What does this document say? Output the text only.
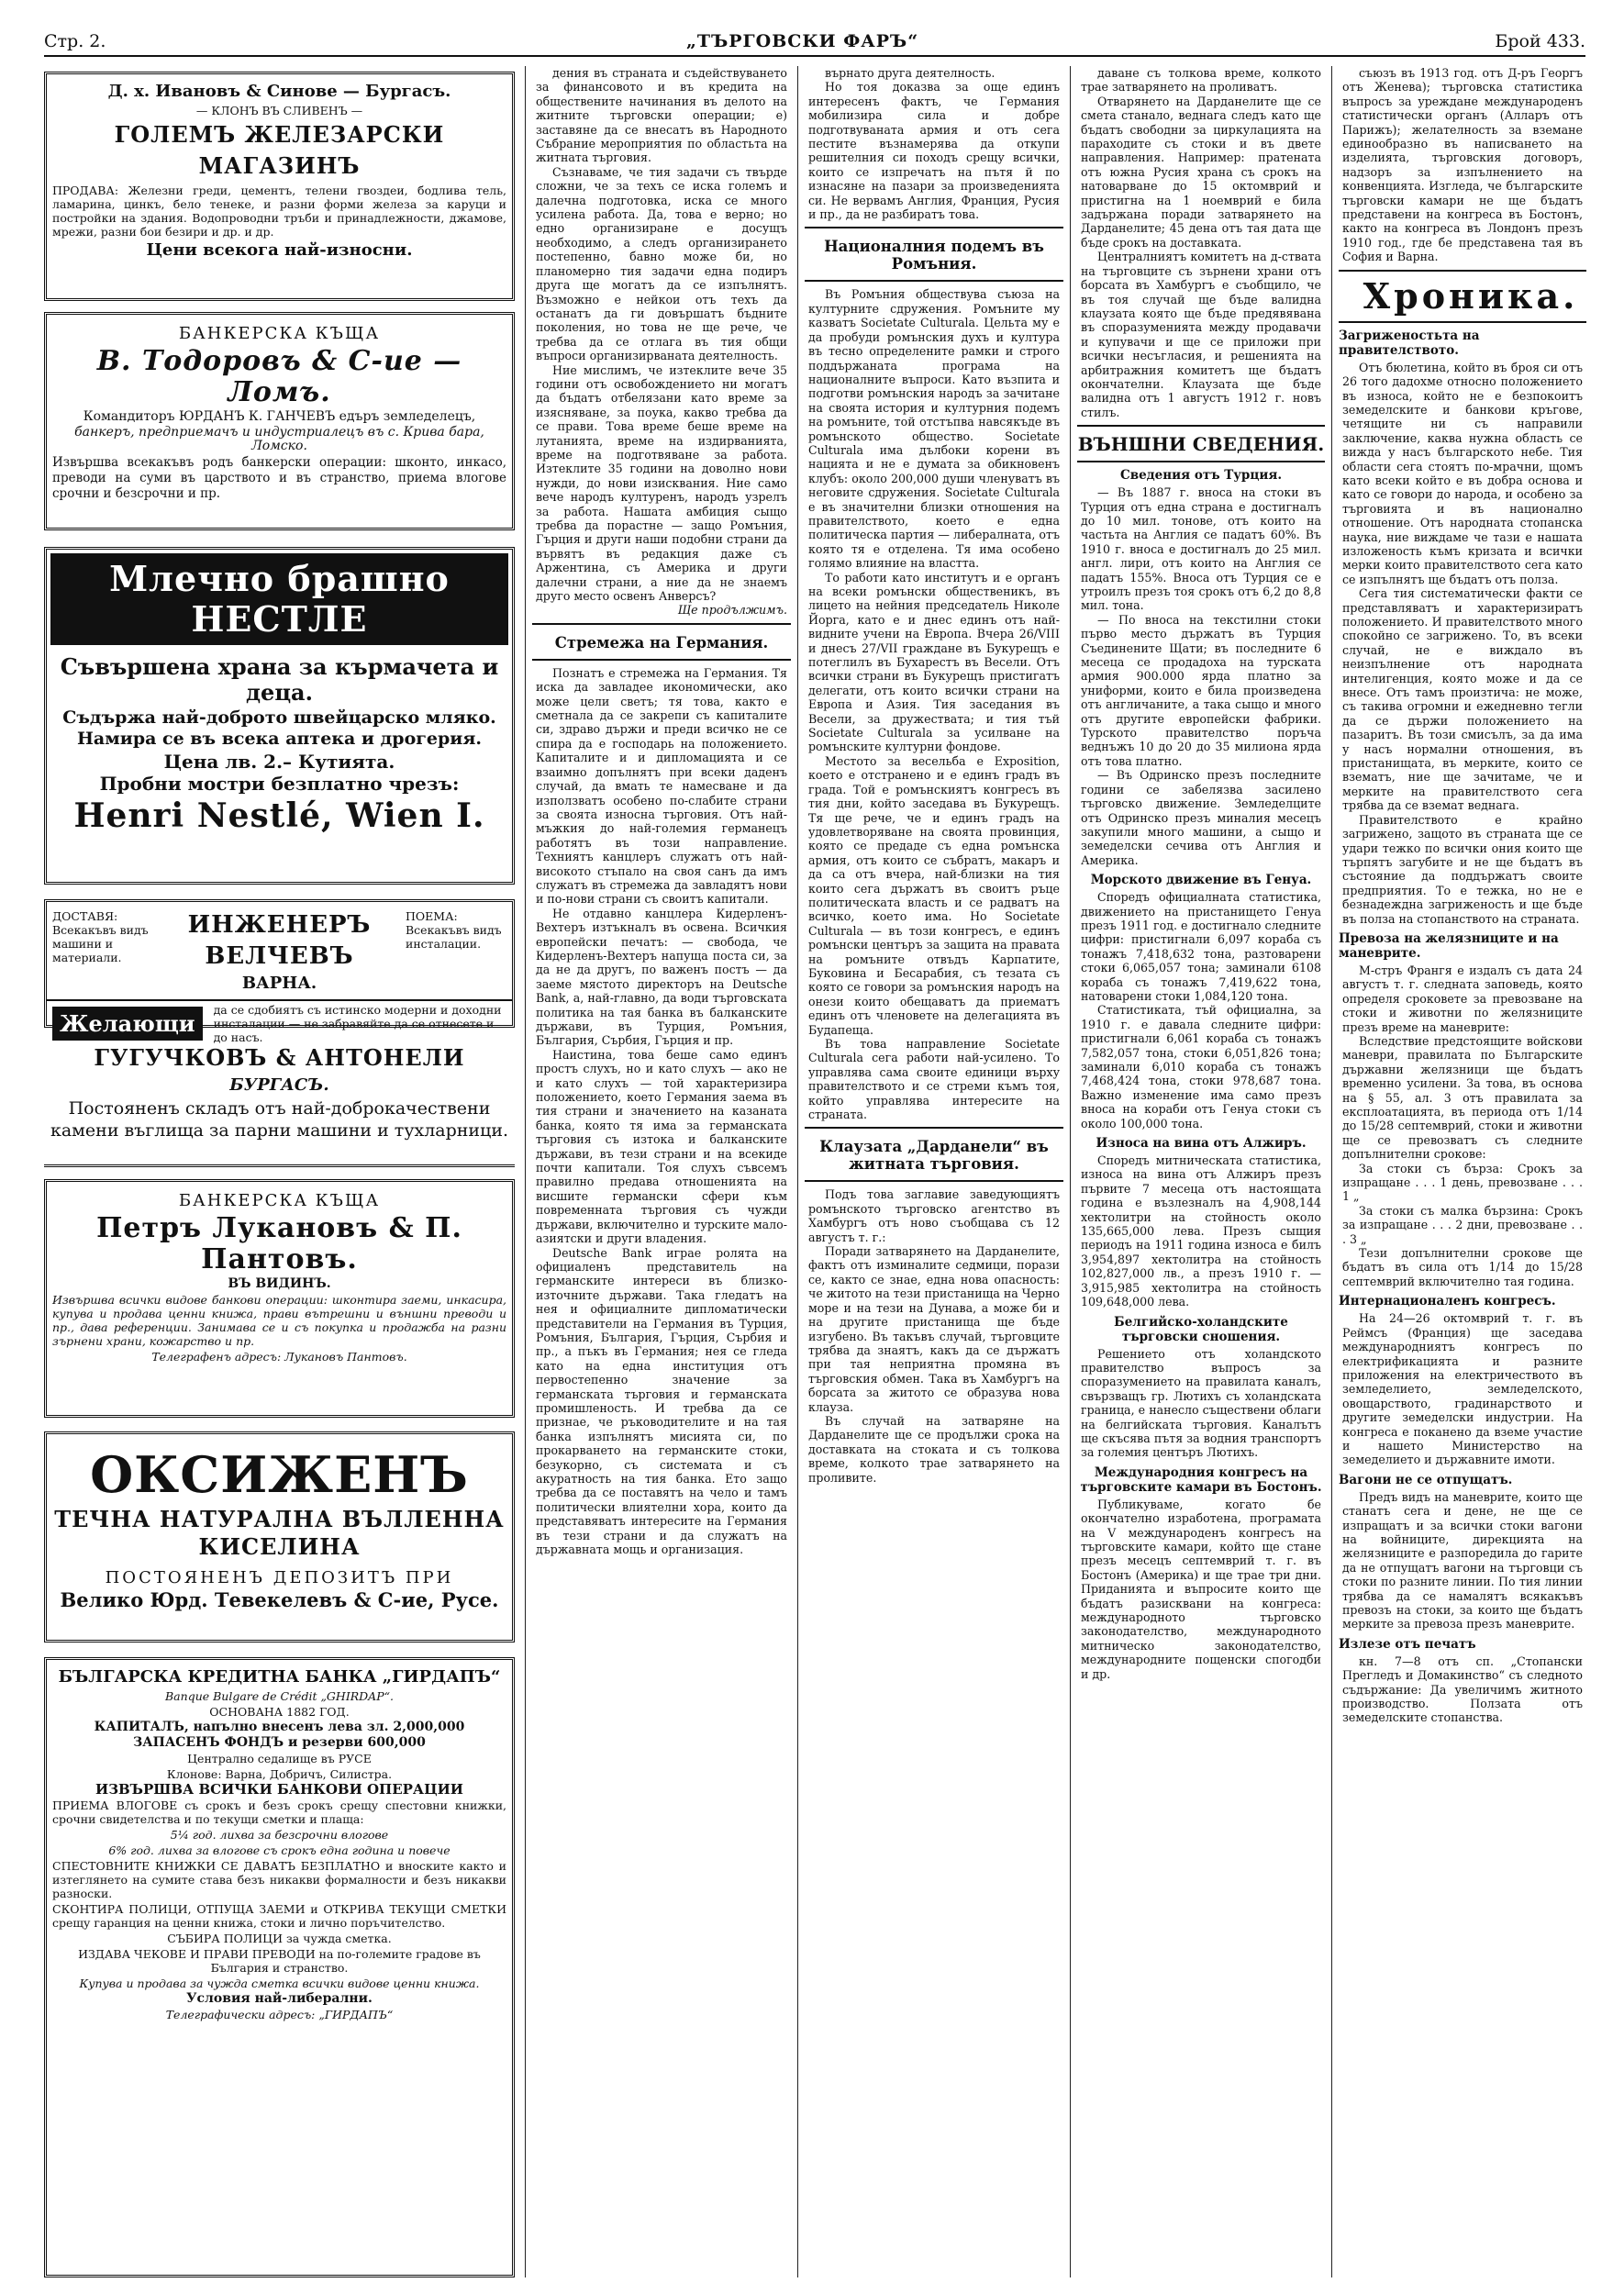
Стр. 2.	„ТЪРГОВСКИ ФАРЪ“	Брой 433.

Д. х. Ивановъ & Синове — Бургасъ.

— КЛОНЪ ВЪ СЛИВЕНЪ —

ГОЛЕМЪ ЖЕЛЕЗАРСКИ МАГАЗИНЪ

ПРОДАВА: Железни греди, цементъ, телени гвоздеи, бодлива тель, ламарина, цинкъ, бело тенеке, и разни форми железа за каруци и постройки на здания. Водопроводни тръби и принадлежности, джамове, мрежи, разни бои безири и др. и др.

Цени всекога най-износни.

БАНКЕРСКА КЪЩА

В. Тодоровъ & С-ие — Ломъ.

Командиторъ ЮРДАНЪ К. ГАНЧЕВЪ едъръ земледелецъ,

банкеръ, предприемачъ и индустриалецъ въ с. Крива бара, Ломско.

Извършва всекакъвъ родъ банкерски операции: шконто, инкасо, преводи на суми въ царството и въ странство, приема влогове срочни и безсрочни и пр.

Млечно брашно НЕСТЛЕ

Съвършена храна за кърмачета и деца.

Съдържа най-доброто швейцарско мляко. Намира се въ всека аптека и дрогерия.

Цена лв. 2.– Кутията.

Пробни мостри безплатно чрезъ:

Henri Nestlé, Wien I.

ДОСТАВЯ: Всекакъвъ видъ машини и материали.

ИНЖЕНЕРЪ ВЕЛЧЕВЪ

ВАРНА.

ПОЕМА: Всекакъвъ видъ инсталации.

Желающи

да се сдобиятъ съ истинско модерни и доходни инсталации — не забравяйте да се отнесете и до насъ.

ГУГУЧКОВЪ & АНТОНЕЛИ

БУРГАСЪ.

Постояненъ складъ отъ най-доброкачествени камени въглища за парни машини и тухларници.

БАНКЕРСКА КЪЩА

Петръ Лукановъ & П. Пантовъ.

ВЪ ВИДИНЪ.

Извършва всички видове банкови операции: шконтира заеми, инкасира, купува и продава ценни книжа, прави вътрешни и външни преводи и пр., дава референции. Занимава се и съ покупка и продажба на разни зърнени храни, кожарство и пр.

Телеграфенъ адресъ: Лукановъ Пантовъ.

ОКСИЖЕНЪ

ТЕЧНА НАТУРАЛНА ВЪЛЛЕННА КИСЕЛИНА

ПОСТОЯНЕНЪ ДЕПОЗИТЪ ПРИ

Велико Юрд. Тевекелевъ & С-ие, Русе.

БЪЛГАРСКА КРЕДИТНА БАНКА „ГИРДАПЪ“

Banque Bulgare de Crédit „GHIRDAP“.

ОСНОВАНА 1882 ГОД.

КАПИТАЛЪ, напълно внесенъ левa зл. 2,000,000

ЗАПАСЕНЪ ФОНДЪ и резерви 600,000

Централно седалище въ РУСЕ

Клонове: Варна, Добричъ, Силистра.

ИЗВЪРШВА ВСИЧКИ БАНКОВИ ОПЕРАЦИИ

ПРИЕМА ВЛОГОВЕ съ срокъ и безъ срокъ срещу спестовни книжки, срочни свидетелства и по текущи сметки и плаща:

5¼ год. лихва за безсрочни влогове

6% год. лихва за влогове съ срокъ една година и повече

СПЕСТОВНИТЕ КНИЖКИ СЕ ДАВАТЪ БЕЗПЛАТНО и вноскитe както и изтеглянето на сумитe става безъ никакви формалности и безъ никакви разноски.

СКОНТИРА ПОЛИЦИ, ОТПУЩА ЗАЕМИ и ОТКРИВА ТЕКУЩИ СМЕТКИ срещу гаранция на ценни книжа, стоки и лично поръчителство.

СЪБИРА ПОЛИЦИ за чужда сметка.

ИЗДАВА ЧЕКОВЕ И ПРАВИ ПРЕВОДИ на по-големите градове въ България и странство.

Купува и продава за чужда сметка всички видове ценни книжа.

Условия най-либерални.

Телеграфически адресъ: „ГИРДАПЪ“

дения въ страната и съдействуването за финансовото и въ кредита на обществените начинания въ делото на житните търговски операции; е) заставяне да се внесатъ въ Народното Събрание мероприятия по областьта на житната търговия.

Съзнаваме, че тия задачи съ твърде сложни, че за техъ се иска големъ и далечна подготовка, иска се много усилена работа. Да, това е верно; но едно организиране е досущъ необходимо, а следъ организирането постепенно, бавно може би, но планомерно тия задачи една подиръ друга ще могатъ да се изпълнятъ. Възможно е нейкои отъ техъ да останатъ да ги довършатъ бъдните поколения, но това не ще рече, че требва да се отлага въ тия общи въпроси организирваната деятелность.

Ние мислимъ, че изтеклите вече 35 години отъ освобождението ни могатъ да бъдатъ отбелязани като време за изясняване, за поука, какво требва да се прави. Това време беше време на лутанията, време на издирванията, време на подготвяване за работа. Изтеклите 35 години на доволно нови нужди, до нови изисквания. Ние само вече народъ културенъ, народъ узрелъ за работа. Нашата амбиция сыщо требва да порастне — защо Ромъния, Гърция и други наши подобни страни да вървятъ въ редакция даже съ Аржентина, съ Америка и други далечни страни, а ние да не знаемъ другo место освенъ Анверсъ?

Ще продължимъ.

Стремежа на Германия.

Познатъ е стремежа на Германия. Тя иска да завладее икономически, ако може цели светъ; тя това, както е сметнала да се закрепи съ капиталите си, здраво държи и преди всичко не се спира да е господарь на положението. Капиталите и и дипломацията и се взаимно допълнятъ при всеки даденъ случай, да вмать те намесване и да използватъ особено по-слабите страни за своята износна търговия. Отъ най-мъжкия до най-големия германецъ работятъ въ този направление. Техниятъ канцлеръ служатъ отъ най-високото стъпало на своя санъ да имъ служатъ въ стремежа да завладятъ нови и по-нови страни съ своитъ капитали.

Не отдавно канцлера Кидерленъ-Вехтеръ изтъкналъ въ освена. Всичкия европейски печатъ: — свобода, че Кидерленъ-Вехтеръ напуща поста си, за да не да другъ, по важенъ постъ — да заеме мястото директоръ на Deutsche Bank, а, най-главно, да води търговската политика на тая банка въ балканските държави, въ Турция, Ромъния, България, Сърбия, Гърция и пр.

Наистина, това беше само единъ простъ слухъ, но и като слухъ — ако не и като слухъ — той характеризира положението, което Германия заема въ тия страни и значението на казаната банка, която тя има за германската търговия съ изтока и балканските държави, въ тези страни и на всекиде почти капитали. Тоя слухъ съвсемъ правилно предава отношенията на висшите германски сфери към повременната търговия съ чужди държави, включително и турските мало-азиятски и други владения.

Deutsche Bank играе ролята на официаленъ представитель на германските интереси въ близко-източните държави. Така гледатъ на нея и официалните дипломатически представители на Германия въ Турция, Ромъния, България, Гърция, Сърбия и пр., а пъкъ въ Германия; нея се гледа като на една институция отъ первостепенно значение за германската търговия и германската промишленость. И требва да се признае, че ръководителите и на тая банка изпълнятъ мисията си, по прокарването на германските стоки, безукорно, съ системата и съ акуратность на тия банка. Ето защо требва да се поставятъ на чело и тамъ политически влиятелни хора, които да представяватъ интересите на Германия въ тези страни и да служатъ на държавната мощь и организация.

върнато другa деятелность.

Но тоя доказва за още единъ интересенъ фактъ, че Германия мобилизира сила и добре подготвуваната армия и отъ сега пестите възнамерява да откупи решителния си походъ срещу всички, които се изпречатъ на пътя й по изнасяне на пазари за произведенията си. Не вервамъ Англия, Франция, Русия и пр., да не разбиратъ това.

Националния подемъ въ Ромъния.

Въ Ромъния обществува съюза на културните сдружения. Ромъните му казватъ Societate Culturala. Цельта му е да пробуди ромънския духъ и култура въ тесно определените рамки и строго поддържаната програма на националните въпроси. Като възпита и подготви ромънския народъ за зачитане на своята история и културния подемъ на ромъните, той отстъпва навсякъде въ ромънското общество. Societate Culturala има дълбоки корени въ нацията и не е думата за обикновенъ клубъ: около 200,000 души членуватъ въ неговите сдружения. Societate Culturala е въ значителни близки отношения на правителството, което е една политическа партия — либералната, отъ която тя е отделена. Тя има особено голямо влияние на властта.

То работи като институтъ и е органъ на всеки ромънски общественикъ, въ лицето на нейния председатель Николе Йорга, като е и днес единъ отъ най-видните учени на Европа. Вчера 26/VIII и днесъ 27/VII граждане въ Букурещъ е потеглилъ въ Бухарестъ въ Весели. Отъ всички страни въ Букурещъ пристигатъ делегати, отъ които всички страни на Европа и Азия. Тия заседания въ Весели, за дружествата; и тия тъй Societate Culturala за усилване на ромънските културни фондове.

Местото за весельба е Exposition, което е отстранено и е единъ градъ въ града. Той е ромънскиятъ конгресъ въ тия дни, който заседава въ Букурещъ. Тя ще рече, че и единъ градъ на удовлетворяване на своята провинция, която се предаде съ една ромънска армия, отъ които се събратъ, макаръ и да са отъ вчера, най-близки на тия които сега държатъ въ своитъ ръце политическата власть и се радватъ на всичко, което има. Но Societate Culturala — въ този конгресъ, е единъ ромънски центъръ за защита на правата на ромъните отвъдъ Карпатите, Буковина и Бесарабия, съ тезата съ която се говори за ромънския народъ на онези които обещаватъ да приематъ единъ отъ членовете на делегацията въ Будапеща.

Въ това направление Societate Culturala сега работи най-усилено. То управлява сама своитe единици върху правителството и се стреми къмъ тоя, който управлява интересите на страната.

Клаузата „Дарданели“ въ житната търговия.

Подъ това заглавие заведующиятъ ромънското търговско агентство въ Хамбургъ отъ ново съобщава съ 12 августъ т. г.:

Поради затварянето на Дарданелите, фактъ отъ изминалите седмици, порази се, както се знае, една нова опасность: че житото на тези пристанища на Черно море и на тези на Дунава, а може би и на другите пристанища ще бъде изгубено. Въ такъвъ случай, търговците трябва да знаятъ, какъ да се държатъ при тая неприятна промяна въ търговския обмен. Така въ Хамбургъ на борсата за житото се образува нова клауза.

Въ случай на затваряне на Дарданелите ще се продължи срока на доставката на стоката и съ толкова време, колкото трае затварянето на проливите.

даване съ толкова време, колкото трае затварянето на проливатъ.

Отварянето на Дарданелите ще се смета станало, веднага следъ като ще бъдатъ свободни за циркулацията на параходите съ стоки и въ двете направления. Например: пратената отъ южна Русия храна съ срокъ на натоварване до 15 октомврий и пристигна на 1 ноемврий е била задържана поради затварянето на Дарданелите; 45 дена отъ тая дата ще бъде срокъ на доставката.

Централниятъ комитетъ на д-ствата на търговците съ зърнени храни отъ борсата въ Хамбургъ е съобщило, че въ тоя случай ще бъде валидна клаузата която ще бъде предявявана въ споразуменията между продавачи и купувачи и ще се приложи при всички несъгласия, и решенията на арбитражния комитетъ ще бъдатъ окончателни. Клаузата ще бъде валидна отъ 1 августъ 1912 г. новъ стилъ.

ВЪНШНИ СВЕДЕНИЯ.
Сведения отъ Турция.

— Въ 1887 г. вноса на стоки въ Турция отъ една страна е достигналъ до 10 мил. тонове, отъ които на частьта на Англия се падатъ 60%. Въ 1910 г. вноса е достигналъ до 25 мил. англ. лири, отъ които на Англия се падатъ 155%. Вноса отъ Турция се е утроилъ презъ тоя срокъ отъ 6,2 до 8,8 мил. тона.

— По вноса на текстилни стоки първо место държатъ въ Турция Съединените Щати; въ последните 6 месеца се продадоха на турската армия 900.000 ярда платно за униформи, които е била произведена отъ англичаните, а така сыщо и много отъ другите европейски фабрики. Турското правителство поръча веднъжъ 10 до 20 до 35 милиона ярда отъ това платно.

— Въ Одринско презъ последните години се забелязва засилено търговско движение. Земледелците отъ Одринско презъ миналия месецъ закупили много машини, а сыщо и земеделски сечива отъ Англия и Америка.

Морското движение въ Генуа.

Споредъ официалната статистика, движението на пристанището Генуа презъ 1911 год. е достигнало следните цифри: пристигнали 6,097 кораба съ тонажъ 7,418,632 тона, разтоварени стоки 6,065,057 тона; заминали 6108 кораба съ тонажъ 7,419,622 тона, натоварени стоки 1,084,120 тона.

Статистиката, тъй официална, за 1910 г. е давала следните цифри: пристигнали 6,061 кораба съ тонажъ 7,582,057 тона, стоки 6,051,826 тона; заминали 6,010 кораба съ тонажъ 7,468,424 тона, стоки 978,687 тона. Важно изменение има само презъ вноса на кораби отъ Генуа стоки съ около 100,000 тона.

Износа на вина отъ Алжиръ.

Споредъ митническата статистика, износа на вина отъ Алжиръ презъ първите 7 месеца отъ настоящата година е възлезналъ на 4,908,144 хектолитри на стойность около 135,665,000 лева. Презъ сыщия периодъ на 1911 година износа е билъ 3,954,897 хектолитра на стойность 102,827,000 лв., а презъ 1910 г. — 3,915,985 хектолитра на стойность 109,648,000 лева.

Белгийско-холандските търговски сношения.

Решението отъ холандското правителство въпросъ за споразумението на правилата каналъ, свързващъ гр. Лютихъ съ холандската граница, е нанесло съществени облаги на белгийската търговия. Каналътъ ще скъсява пътя за водния транспортъ за големия центъръ Лютихъ.

Международния конгресъ на търговските камари въ Бостонъ.

Публикуваме, когато бе окончателно изработена, програмата на V международенъ конгресъ на търговските камари, който ще стане презъ месецъ септемврий т. г. въ Бостонъ (Америка) и ще трае три дни. Приданията и въпросите които ще бъдатъ разисквани на конгреса: международното търговско законодателство, международното митническо законодателство, международните пощенски спогодби и др.

съюзъ въ 1913 год. отъ Д-ръ Георгъ отъ Женева); търговска статистика въпросъ за уреждане международенъ статистически органъ (Алларъ отъ Парижъ); желателность за вземане единообразно въ написването на изделията, търговския договоръ, надзоръ за изпълнението на конвенцията. Изгледа, че българските търговски камари не ще бъдатъ представени на конгреса въ Бостонъ, както на конгреса въ Лондонъ презъ 1910 год., где бе представена тая въ София и Варна.

Хроника.

Загриженостьта на правителството.

Отъ бюлетина, който въ броя си отъ 26 того дадохме относно положението въ износа, който не е безпокоитъ земеделските и банкови кръгове, четящите ни съ направили заключение, каква нужна область се вижда у насъ българското небе. Тия области сега стоятъ по-мрачни, щомъ като всеки който е въ добра основа и като се говори до народа, и особено за търговията и въ национално отношение. Отъ народната стопанска наука, ние виждаме че тази е нашата изложеность къмъ кризата и всички мерки които правителството сега като се изпълнятъ ще бъдатъ отъ полза.

Сега тия систематически факти се представляватъ и характеризиратъ положението. И правителството много спокойно се загрижено. То, въ всеки случай, не е виждало въ неизпълнение отъ народната интелигенция, която може и да се внесе. Отъ тамъ произтича: не може, съ такива огромни и ежедневно тегли да се държи положението на пазаритъ. Въ този смисълъ, за да има у насъ нормални отношения, въ пристанищата, въ мерките, които се взематъ, ние ще зачитаме, че и мерките на правителството сега трябва да се вземат веднага.

Правителството е крайно загрижено, защото въ страната ще се удари тежко по всички ония които ще търпятъ загубите и не ще бъдатъ въ състояние да поддържатъ своите предприятия. То е тежка, но не е безнадеждна загриженость и ще бъде въ полза на стопанството на страната.

Превоза на желязницитe и на маневритe.

М-стръ Франгя е издалъ съ дата 24 августъ т. г. следната заповедь, която определя сроковете за превозване на стоки и животни по желязниците презъ време на маневрите:

Вследствие предстоящите войскови маневри, правилата по Българските държавни желязници ще бъдатъ временно усилени. За това, въ основа на § 55, ал. 3 отъ правилата за експлоатацията, въ периода отъ 1/14 до 15/28 септемврий, стоки и животни ще се превозватъ съ следните допълнителни срокове:

За стоки съ бърза: Срокъ за изпращане . . . 1 день, превозване . . . 1 „

За стоки съ малка бързина: Срокъ за изпращане . . . 2 дни, превозване . . . 3 „

Тези допълнителни срокове ще бъдатъ въ сила отъ 1/14 до 15/28 септемврий включително тая година.

Интернационаленъ конгресъ.

На 24—26 октомврий т. г. въ Реймсъ (Франция) ще заседава международниятъ конгресъ по електрификацията и разните приложения на електричеството въ земледелието, земледелското, овощарството, градинарството и другите земеделски индустрии. На конгреса е поканено да вземе участие и нашето Министерство на земеделието и държавните имоти.

Вагони не се отпущатъ.

Предъ видъ на маневрите, които ще станатъ сега и дене, не ще се изпращатъ и за всички стоки вагони на войниците, дирекцията на желязниците е разпоредила до гарите да не отпущатъ вагони на търговци съ стоки по разните линии. По тия линии трябва да се намалятъ всякакъвъ превозъ на стоки, за които ще бъдатъ мерките за превоза презъ маневрите.

Излезе отъ печатъ

кн. 7—8 отъ сп. „Стопански Прегледъ и Домакинство“ съ следното съдържание: Да увеличимъ житното производство. Ползата отъ земеделските стопанства.
